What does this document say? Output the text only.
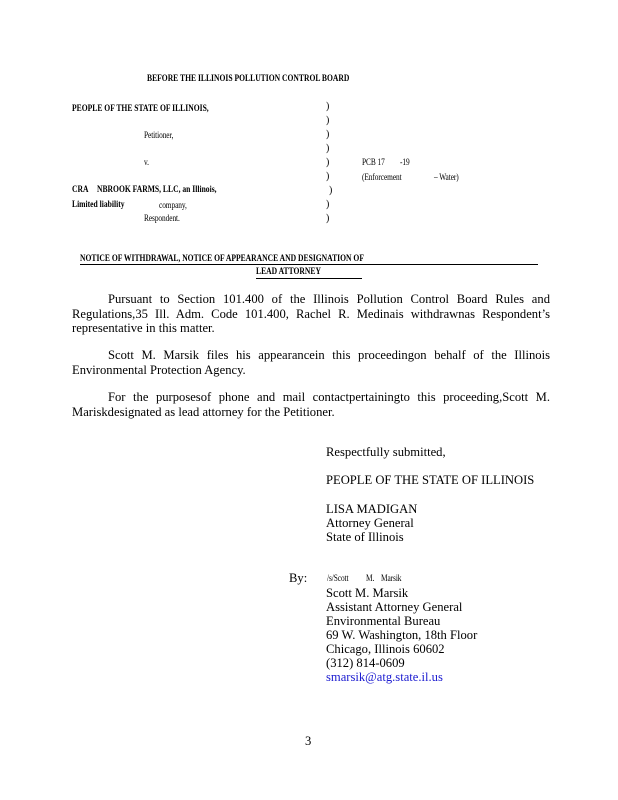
BEFORE THE ILLINOIS POLLUTION CONTROL BOARD
PEOPLE OF THE STATE OF ILLINOIS,
Petitioner,
v.
CRA NBROOK FARMS, LLC, an Illinois,
Limited liability	company,
Respondent.
)
)
)
)
)
)
)
)
)
PCB 17 -19
(Enforcement	– Water)
NOTICE OF WITHDRAWAL, NOTICE OF APPEARANCE AND DESIGNATION OF
LEAD ATTORNEY
Pursuant to Section 101.400 of the Illinois Pollution Control Board Rules and Regulations,35 Ill. Adm. Code 101.400, Rachel R. Medinais withdrawnas Respondent’s representative in this matter.
Scott M. Marsik files his appearancein this proceedingon behalf of the Illinois Environmental Protection Agency.
For the purposesof phone and mail contactpertainingto this proceeding,Scott M. Mariskdesignated as lead attorney for the Petitioner.
Respectfully submitted,
PEOPLE OF THE STATE OF ILLINOIS
LISA MADIGAN
Attorney General
State of Illinois
By: /s/Scott M. Marsik
Scott M. Marsik
Assistant Attorney General
Environmental Bureau
69 W. Washington, 18th Floor
Chicago, Illinois 60602
(312) 814-0609
smarsik@atg.state.il.us
3
